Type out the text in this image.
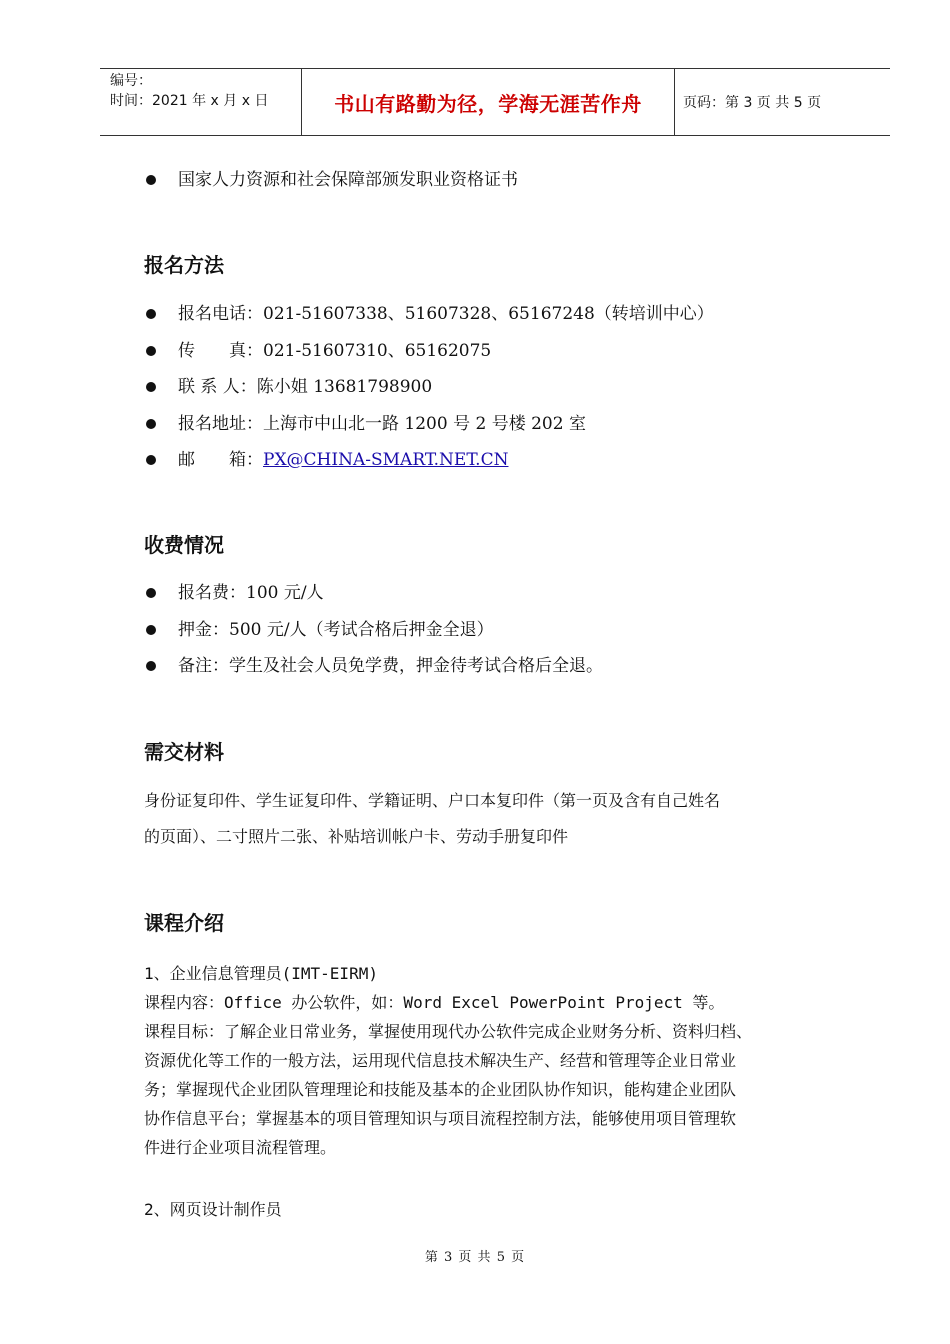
编号：
时间：2021 年 x 月 x 日	书山有路勤为径，学海无涯苦作舟	页码：第 3 页 共 5 页
国家人力资源和社会保障部颁发职业资格证书
报名方法
报名电话：021-51607338、51607328、65167248（转培训中心）
传　　真：021-51607310、65162075
联 系 人：陈小姐 13681798900
报名地址：上海市中山北一路 1200 号 2 号楼 202 室
邮　　箱：PX@CHINA-SMART.NET.CN
收费情况
报名费：100 元/人
押金：500 元/人（考试合格后押金全退）
备注：学生及社会人员免学费，押金待考试合格后全退。
需交材料
身份证复印件、学生证复印件、学籍证明、户口本复印件（第一页及含有自己姓名
的页面）、二寸照片二张、补贴培训帐户卡、劳动手册复印件
课程介绍
1、企业信息管理员(IMT-EIRM)
课程内容：Office 办公软件，如：Word Excel PowerPoint Project 等。
课程目标：了解企业日常业务，掌握使用现代办公软件完成企业财务分析、资料归档、
资源优化等工作的一般方法，运用现代信息技术解决生产、经营和管理等企业日常业
务；掌握现代企业团队管理理论和技能及基本的企业团队协作知识，能构建企业团队
协作信息平台；掌握基本的项目管理知识与项目流程控制方法，能够使用项目管理软
件进行企业项目流程管理。
2、网页设计制作员
第 3 页 共 5 页
